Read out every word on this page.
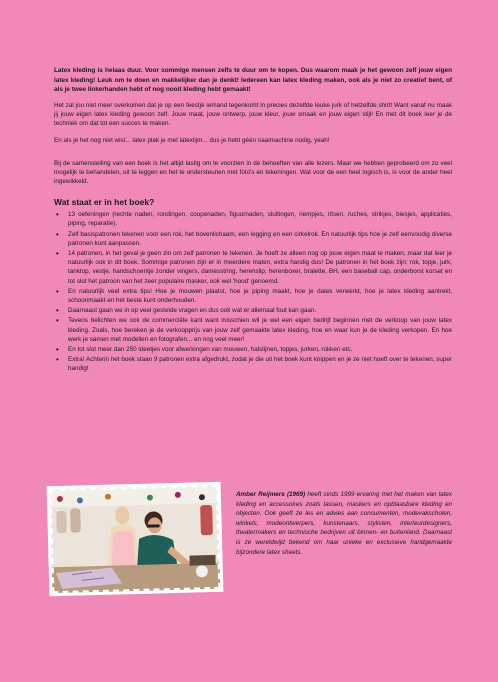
Latex kleding is helaas duur. Voor sommige mensen zelfs te duur om te kopen. Dus waarom maak je het gewoon zelf jouw eigen latex kleding! Leuk om te doen en makkelijker dan je denkt! Iedereen kan latex kleding maken, ook als je niet zo creatief bent, of als je twee linkerhanden hebt of nog nooit kleding hebt gemaakt!

Het zal jou niet meer overkomen dat je op een feestje iemand tegenkomt in precies dezelfde leuke jurk of hetzelfde shirt! Want vanaf nu maak jij jouw eigen latex kleding gewoon zelf. Jouw maat, jouw ontwerp, jouw kleur, jouw smaak en jouw eigen stijl! En met dit boek leer je de techniek om dat tot een succes te maken.

En als je het nog niet wist... latex plak je met latexlijm... dus je hebt géén naaimachine nodig, yeah!

Bij de samenstelling van een boek is het altijd lastig om te voorzien in de behoeften van alle lezers. Maar we hebben geprobeerd om zo veel mogelijk te behandelen, uit te leggen en het te ondersteunen met foto's en tekeningen. Wat voor de een heel logisch is, is voor de ander heel ingewikkeld.

Wat staat er in het boek?
• 13 oefeningen (rechte naden, rondingen, coupenaden, figuurnaden, sluitingen, riempjes, ritsen, ruches, strikjes, biesjes, applicaties, piping, reparatie).
• Zelf basispatronen tekenen voor een rok, het bovenlichaam, een legging en een cirkelrok. En natuurlijk tips hoe je zelf eenvoudig diverse patronen kunt aanpassen.
• 14 patronen, in het geval je geen zin om zelf patronen te tekenen. Je hoeft ze alleen nog op jouw eigen maat te maken, maar dat leer je natuurlijk ook in dit boek. Sommige patronen zijn er in meerdere maten, extra handig dus! De patronen in het boek zijn: rok, topje, jurk, tanktop, vestje, handschoentje zonder vingers, damesstring, herenslip, herenboxer, bralette, BH, een baseball cap, onderborst korset en tot slot het patroon van het zeer populaire masker, ook wel 'hood' genoemd.
• En natuurlijk veel extra tips! Hoe je mouwen plaatst, hoe je piping maakt, hoe je datex verwerkt, hoe je latex kleding aantrekt, schoonmaakt en het beste kunt onderhouden.
• Daarnaast gaan we in op veel gestelde vragen en dus ook wat er allemaal fout kan gaan.
• Tevens belichten we ook de commerciële kant want misschien wil je wel een eigen bedrijf beginnen met de verkoop van jouw latex kleding. Zoals, hoe bereken je de verkoopprijs van jouw zelf gemaakte latex kleding, hoe en waar kun je de kleding verkopen. En hoe werk je samen met modellen en fotografen... en nog veel meer!
• En tot slot meer dan 250 ideetjes voor afwerkingen van mouwen, halslijnen, topjes, jurken, rokken etc.
• Extra! Achterin het boek staan 9 patronen extra afgedrukt, zodat je die uit het boek kunt knippen en je ze niet hoeft over te tekenen, super handig!

Amber Reijmers (1969) heeft sinds 1999 ervaring met het maken van latex kleding en accessoires zoals tassen, maskers en opblaasbare kleding en objecten. Ook geeft ze les en advies aan consumenten, modevakscholen, winkels, modeontwerpers, kunstenaars, stylisten, interieurdesigners, theatermakers en technische bedrijven uit binnen- en buitenland. Daarnaast is ze wereldwijd bekend om haar unieke en exclusieve handgemaakte bijzondere latex sheets.
